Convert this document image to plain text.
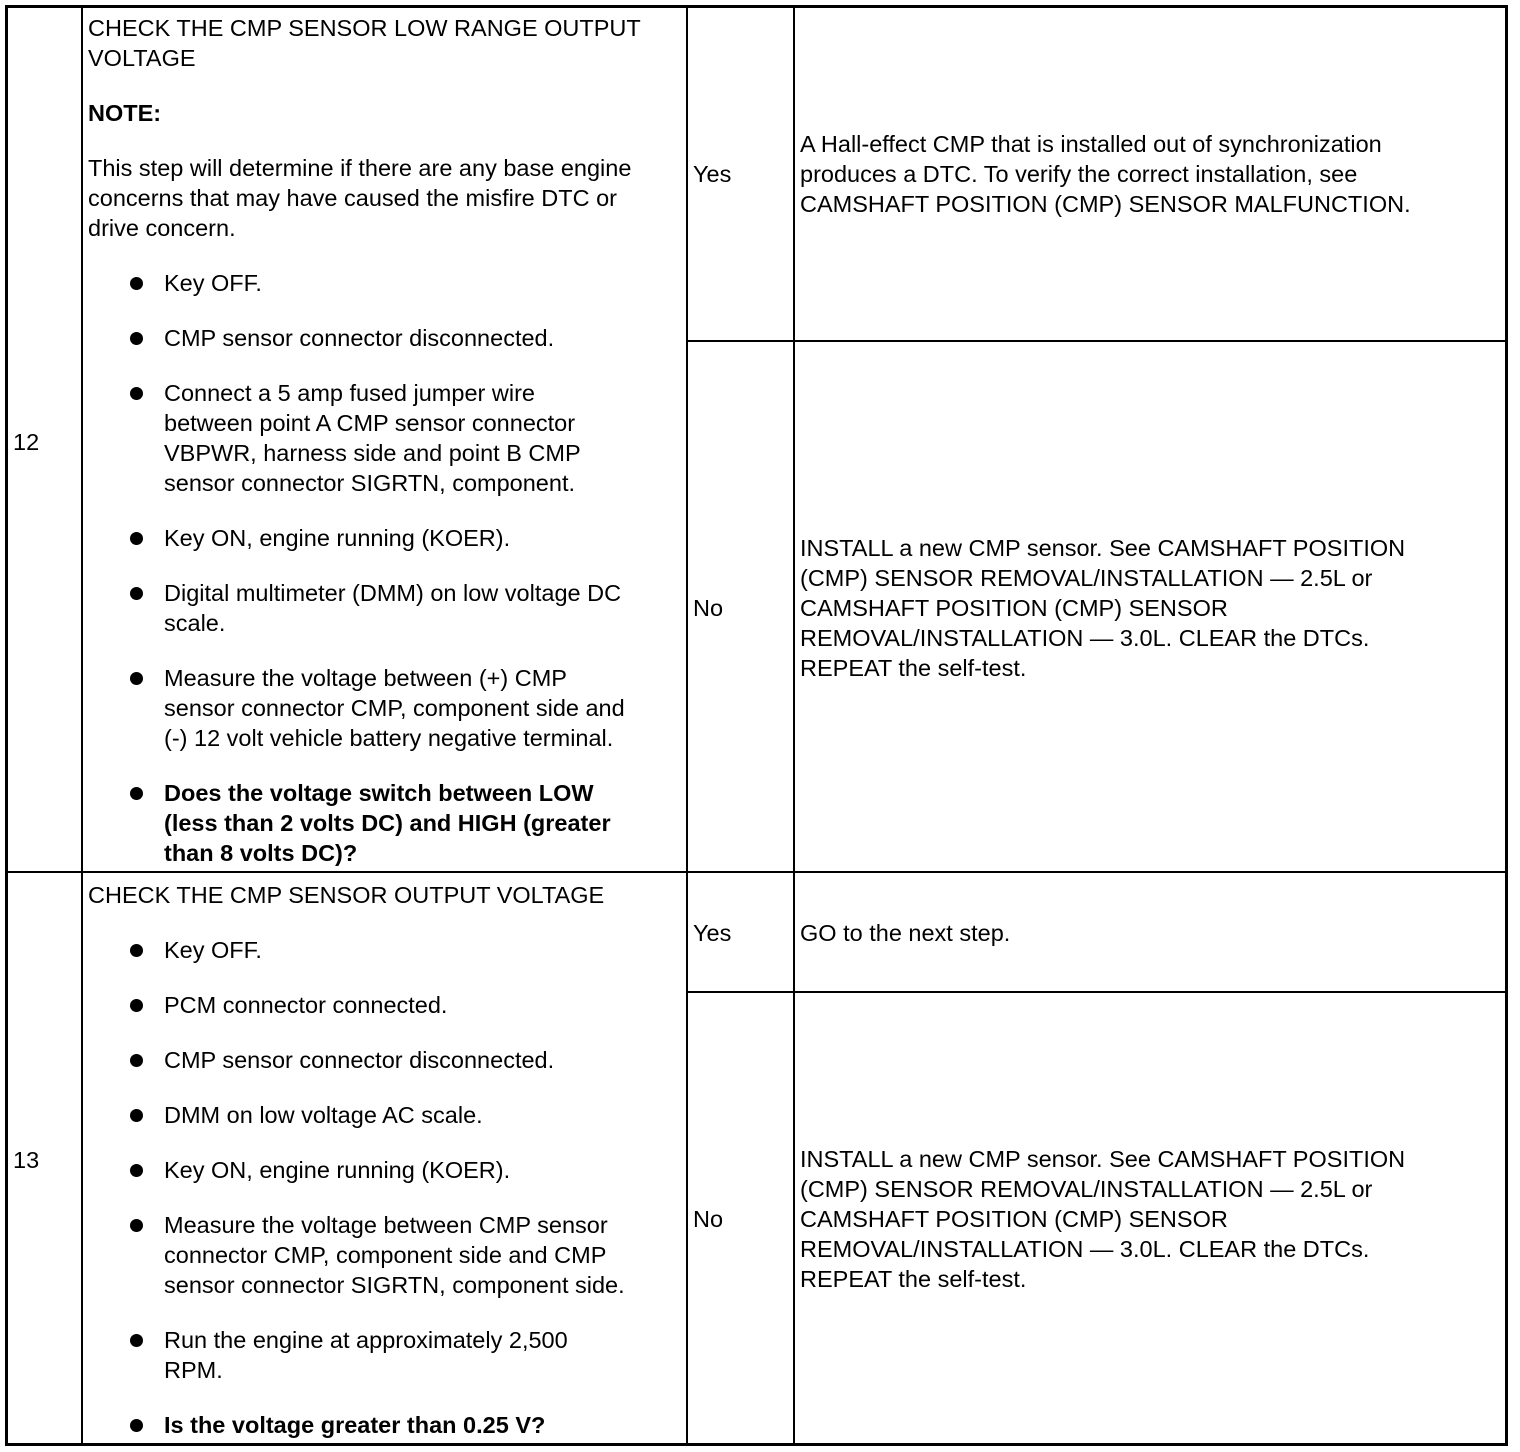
12
CHECK THE CMP SENSOR LOW RANGE OUTPUT
VOLTAGE
NOTE:
This step will determine if there are any base engine
concerns that may have caused the misfire DTC or
drive concern.
Key OFF.
CMP sensor connector disconnected.
Connect a 5 amp fused jumper wire
between point A CMP sensor connector
VBPWR, harness side and point B CMP
sensor connector SIGRTN, component.
Key ON, engine running (KOER).
Digital multimeter (DMM) on low voltage DC
scale.
Measure the voltage between (+) CMP
sensor connector CMP, component side and
(-) 12 volt vehicle battery negative terminal.
Does the voltage switch between LOW
(less than 2 volts DC) and HIGH (greater
than 8 volts DC)?
Yes
A Hall-effect CMP that is installed out of synchronization
produces a DTC. To verify the correct installation, see
CAMSHAFT POSITION (CMP) SENSOR MALFUNCTION.
No
INSTALL a new CMP sensor. See CAMSHAFT POSITION
(CMP) SENSOR REMOVAL/INSTALLATION — 2.5L or
CAMSHAFT POSITION (CMP) SENSOR
REMOVAL/INSTALLATION — 3.0L. CLEAR the DTCs.
REPEAT the self-test.
13
CHECK THE CMP SENSOR OUTPUT VOLTAGE
Key OFF.
PCM connector connected.
CMP sensor connector disconnected.
DMM on low voltage AC scale.
Key ON, engine running (KOER).
Measure the voltage between CMP sensor
connector CMP, component side and CMP
sensor connector SIGRTN, component side.
Run the engine at approximately 2,500
RPM.
Is the voltage greater than 0.25 V?
Yes	GO to the next step.
No
INSTALL a new CMP sensor. See CAMSHAFT POSITION
(CMP) SENSOR REMOVAL/INSTALLATION — 2.5L or
CAMSHAFT POSITION (CMP) SENSOR
REMOVAL/INSTALLATION — 3.0L. CLEAR the DTCs.
REPEAT the self-test.
